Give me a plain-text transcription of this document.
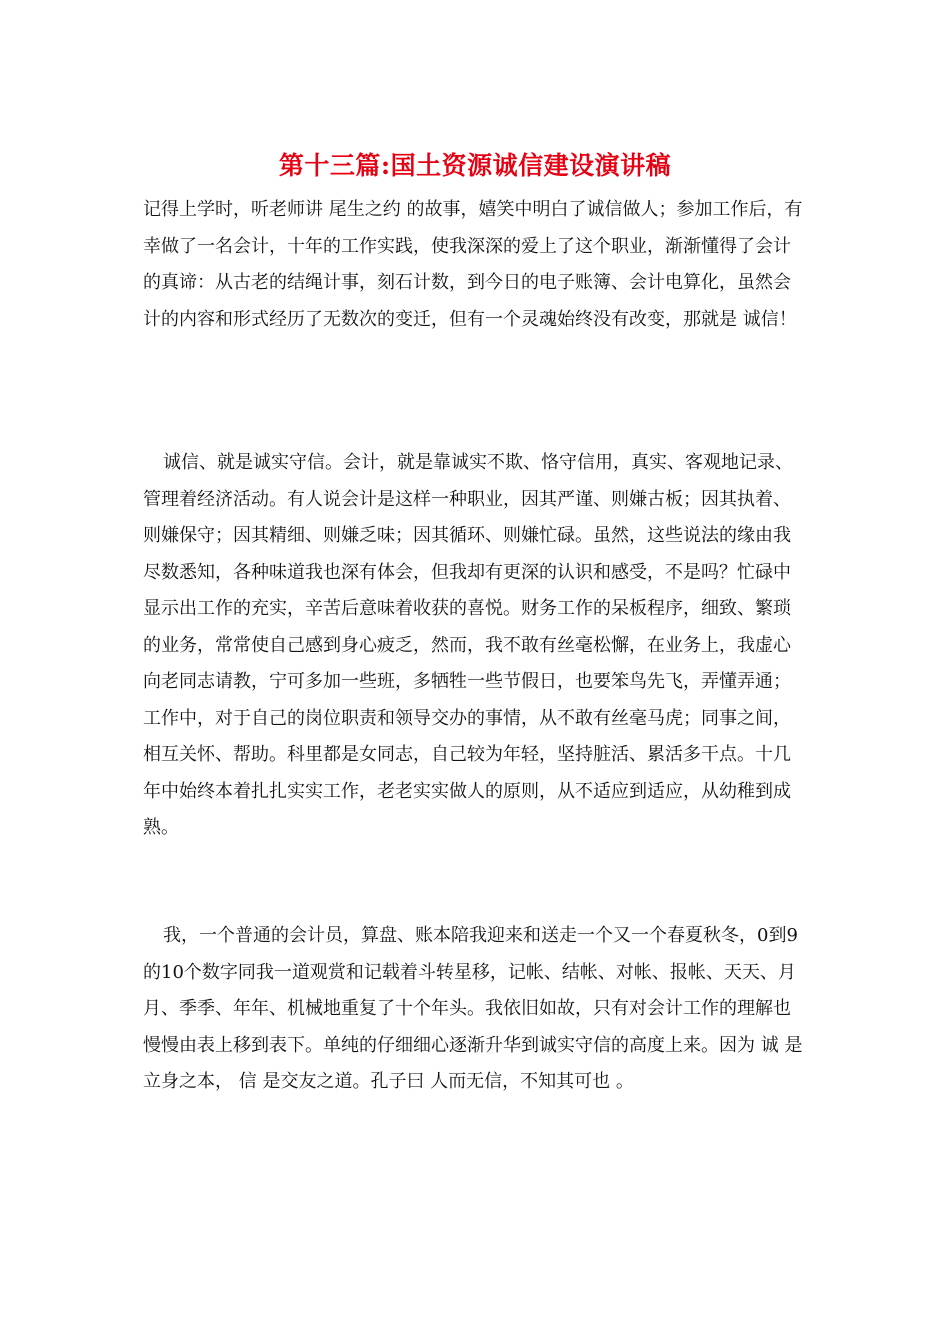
第十三篇:国土资源诚信建设演讲稿

记得上学时，听老师讲 尾生之约 的故事，嬉笑中明白了诚信做人；参加工作后，有幸做了一名会计，十年的工作实践，使我深深的爱上了这个职业，渐渐懂得了会计的真谛：从古老的结绳计事，刻石计数，到今日的电子账簿、会计电算化，虽然会计的内容和形式经历了无数次的变迁，但有一个灵魂始终没有改变，那就是 诚信！

诚信、就是诚实守信。会计，就是靠诚实不欺、恪守信用，真实、客观地记录、管理着经济活动。有人说会计是这样一种职业，因其严谨、则嫌古板；因其执着、则嫌保守；因其精细、则嫌乏味；因其循环、则嫌忙碌。虽然，这些说法的缘由我尽数悉知，各种味道我也深有体会，但我却有更深的认识和感受，不是吗？忙碌中显示出工作的充实，辛苦后意味着收获的喜悦。财务工作的呆板程序，细致、繁琐的业务，常常使自己感到身心疲乏，然而，我不敢有丝毫松懈，在业务上，我虚心向老同志请教，宁可多加一些班，多牺牲一些节假日，也要笨鸟先飞，弄懂弄通；工作中，对于自己的岗位职责和领导交办的事情，从不敢有丝毫马虎；同事之间，相互关怀、帮助。科里都是女同志，自己较为年轻，坚持脏活、累活多干点。十几年中始终本着扎扎实实工作，老老实实做人的原则，从不适应到适应，从幼稚到成熟。

我，一个普通的会计员，算盘、账本陪我迎来和送走一个又一个春夏秋冬，0到9的10个数字同我一道观赏和记载着斗转星移，记帐、结帐、对帐、报帐、天天、月月、季季、年年、机械地重复了十个年头。我依旧如故，只有对会计工作的理解也慢慢由表上移到表下。单纯的仔细细心逐渐升华到诚实守信的高度上来。因为 诚 是立身之本， 信 是交友之道。孔子曰 人而无信，不知其可也 。
